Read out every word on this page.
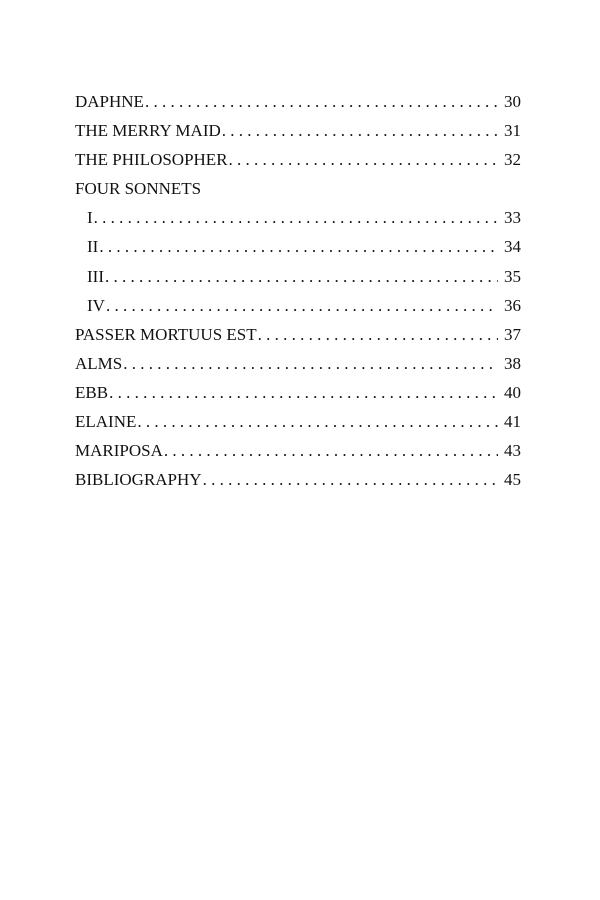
DAPHNE . . .	30
THE MERRY MAID . . .	31
THE PHILOSOPHER . . .	32
FOUR SONNETS
I . . .	33
II . . .	34
III . . .	35
IV . . .	36
PASSER MORTUUS EST . . .	37
ALMS . . .	38
EBB . . .	40
ELAINE . . .	41
MARIPOSA . . .	43
BIBLIOGRAPHY . . .	45
